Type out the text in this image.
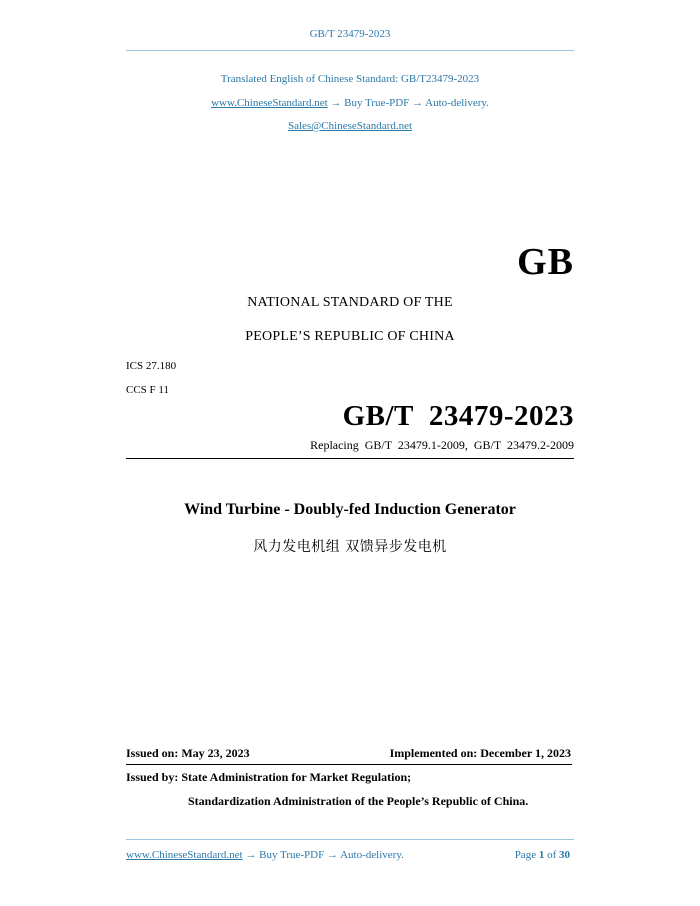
GB/T 23479-2023
Translated English of Chinese Standard: GB/T23479-2023
www.ChineseStandard.net → Buy True-PDF → Auto-delivery.
Sales@ChineseStandard.net
GB
NATIONAL STANDARD OF THE
PEOPLE’S REPUBLIC OF CHINA
ICS 27.180
CCS F 11
GB/T  23479-2023
Replacing  GB/T  23479.1-2009,  GB/T  23479.2-2009
Wind Turbine - Doubly-fed Induction Generator
风力发电机组 双馈异步发电机
Issued on: May 23, 2023	Implemented on: December 1, 2023
Issued by: State Administration for Market Regulation;
Standardization Administration of the People’s Republic of China.
www.ChineseStandard.net → Buy True-PDF → Auto-delivery.	Page 1 of 30
